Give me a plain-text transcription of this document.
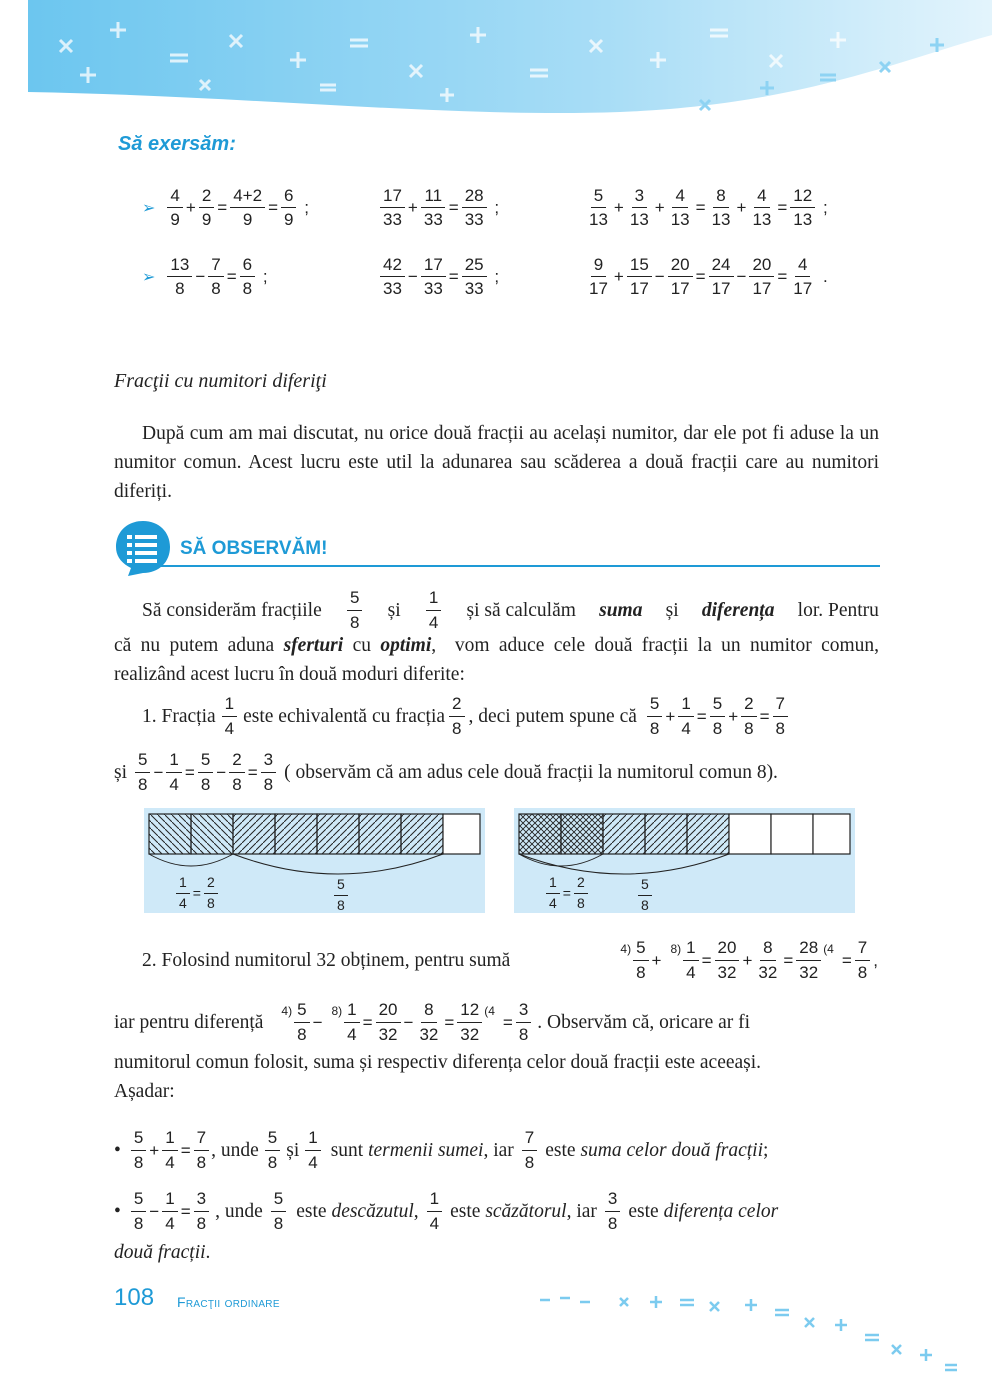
Să exersăm:
➢
4
9
+ $\frac{2}{9} = \frac{4+2}{9} = \frac{6}{9}$ ;
17
33
+ $\frac{11}{33} = \frac{28}{33}$ ;
5
13
+ $\frac{3}{13} + \frac{4}{13} = \frac{8}{13} + \frac{4}{13} = \frac{12}{13}$ ;
➢
13
8
− $\frac{7}{8} = \frac{6}{8}$ ;
42
33
− $\frac{17}{33} = \frac{25}{33}$ ;
9
17
+ $\frac{15}{17} - \frac{20}{17} = \frac{24}{17} - \frac{20}{17} = \frac{4}{17}$ .
Fracţii cu numitori diferiţi
După cum am mai discutat, nu orice două fracții au același numitor, dar ele pot fi aduse la un numitor comun. Acest lucru este util la adunarea sau scăderea a două fracții care au numitori diferiți.
SĂ OBSERVĂM!
Să considerăm fracțiile
5
8
și
1
4
și să calculăm suma și diferența lor. Pentru
că nu putem aduna sferturi cu optimi,  vom aduce cele două fracții la un numitor comun, realizând acest lucru în două moduri diferite:
1. Fracția
1
4
este echivalentă cu fracția
2
8
, deci putem spune că
5
8
+ $\frac{1}{4} = \frac{5}{8} + \frac{2}{8} = \frac{7}{8}$
și
5
8
− $\frac{1}{4} = \frac{5}{8} - \frac{2}{8} = \frac{3}{8}$ ( observăm că am adus cele două fracții la numitorul comun 8).
$\frac{1}{4} = \frac{2}{8}$	5
8	$\frac{1}{4} = \frac{2}{8}$	5
8
2. Folosind numitorul 32 obținem, pentru sumă
4) 5
8
+
$8) \frac{1}{4} = \frac{20}{32} + \frac{8}{32} = \frac{28}{32} (4$
= $\frac{7}{8}$ ,
iar pentru diferență
4) 5
8
−
$8) \frac{1}{4} = \frac{20}{32} - \frac{8}{32} = \frac{12}{32} (4$
= $\frac{3}{8}$ . Observăm că, oricare ar fi
numitorul comun folosit, suma și respectiv diferența celor două fracții este aceeași.
Așadar:
•
5
8
+ $\frac{1}{4} = \frac{7}{8}$ , unde
5
8
și
1
4
sunt
termenii sumei , iar
7
8
este
suma celor două fracții ;
•
5
8
− $\frac{1}{4} = \frac{3}{8}$ , unde
5
8
este
descăzutul ,
1
4
este
scăzătorul , iar
3
8
este
diferența celor
două fracții.
108 Fracţii ordinare
